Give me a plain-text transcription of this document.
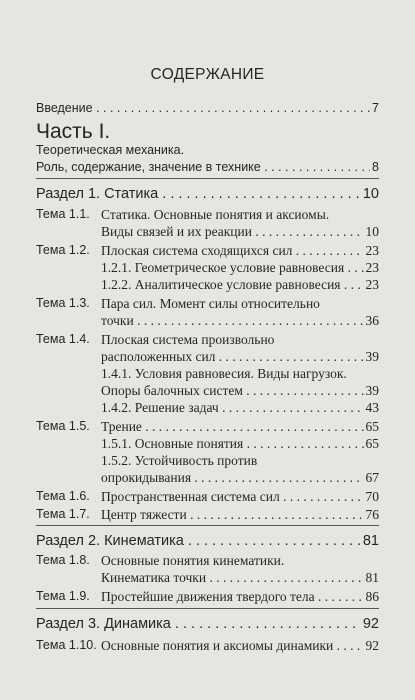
СОДЕРЖАНИЕ
Введение . . .	7
Часть I.
Теоретическая механика.
Роль, содержание, значение в технике . . .	8
Раздел 1. Статика . . .	10
Тема 1.1. Статика. Основные понятия и аксиомы.
Виды связей и их реакции . . .	10
Тема 1.2. Плоская система сходящихся сил . . .	23
1.2.1. Геометрическое условие равновесия . . .	23
1.2.2. Аналитическое условие равновесия . . .	23
Тема 1.3. Пара сил. Момент силы относительно
точки . . .	36
Тема 1.4. Плоская система произвольно
расположенных сил . . .	39
1.4.1. Условия равновесия. Виды нагрузок.
Опоры балочных систем . . .	39
1.4.2. Решение задач . . .	43
Тема 1.5. Трение . . .	65
1.5.1. Основные понятия . . .	65
1.5.2. Устойчивость против
опрокидывания . . .	67
Тема 1.6. Пространственная система сил . . .	70
Тема 1.7. Центр тяжести . . .	76
Раздел 2. Кинематика . . .	81
Тема 1.8. Основные понятия кинематики.
Кинематика точки . . .	81
Тема 1.9. Простейшие движения твердого тела . . .	86
Раздел 3. Динамика . . .	92
Тема 1.10. Основные понятия и аксиомы динамики . . .	92
